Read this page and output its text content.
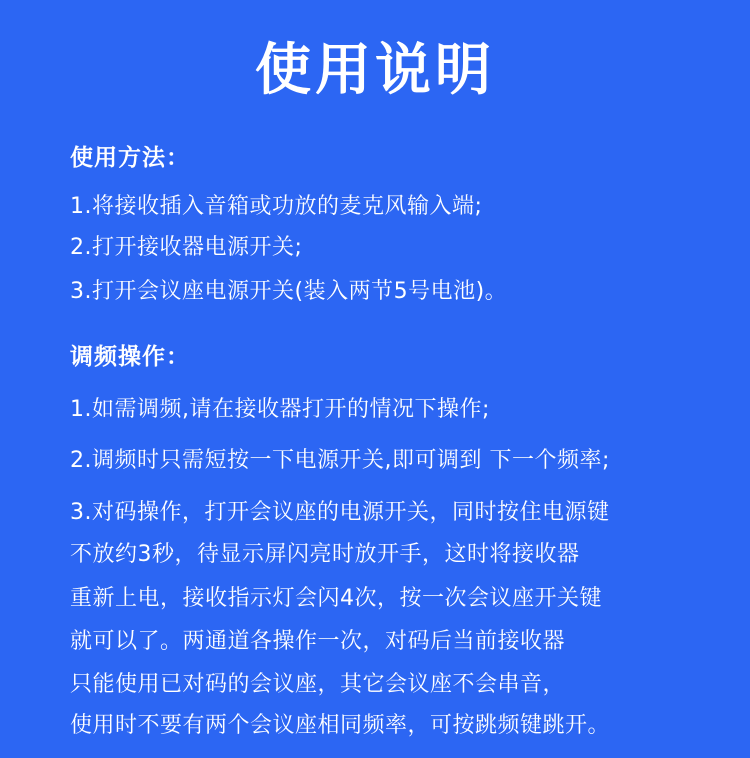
使用说明
使用方法：
1.将接收插入音箱或功放的麦克风输入端;
2.打开接收器电源开关;
3.打开会议座电源开关(装入两节5号电池)。
调频操作：
1.如需调频,请在接收器打开的情况下操作;
2.调频时只需短按一下电源开关,即可调到 下一个频率;
3.对码操作，打开会议座的电源开关，同时按住电源键
不放约3秒，待显示屏闪亮时放开手，这时将接收器
重新上电，接收指示灯会闪4次，按一次会议座开关键
就可以了。两通道各操作一次，对码后当前接收器
只能使用已对码的会议座，其它会议座不会串音，
使用时不要有两个会议座相同频率，可按跳频键跳开。
